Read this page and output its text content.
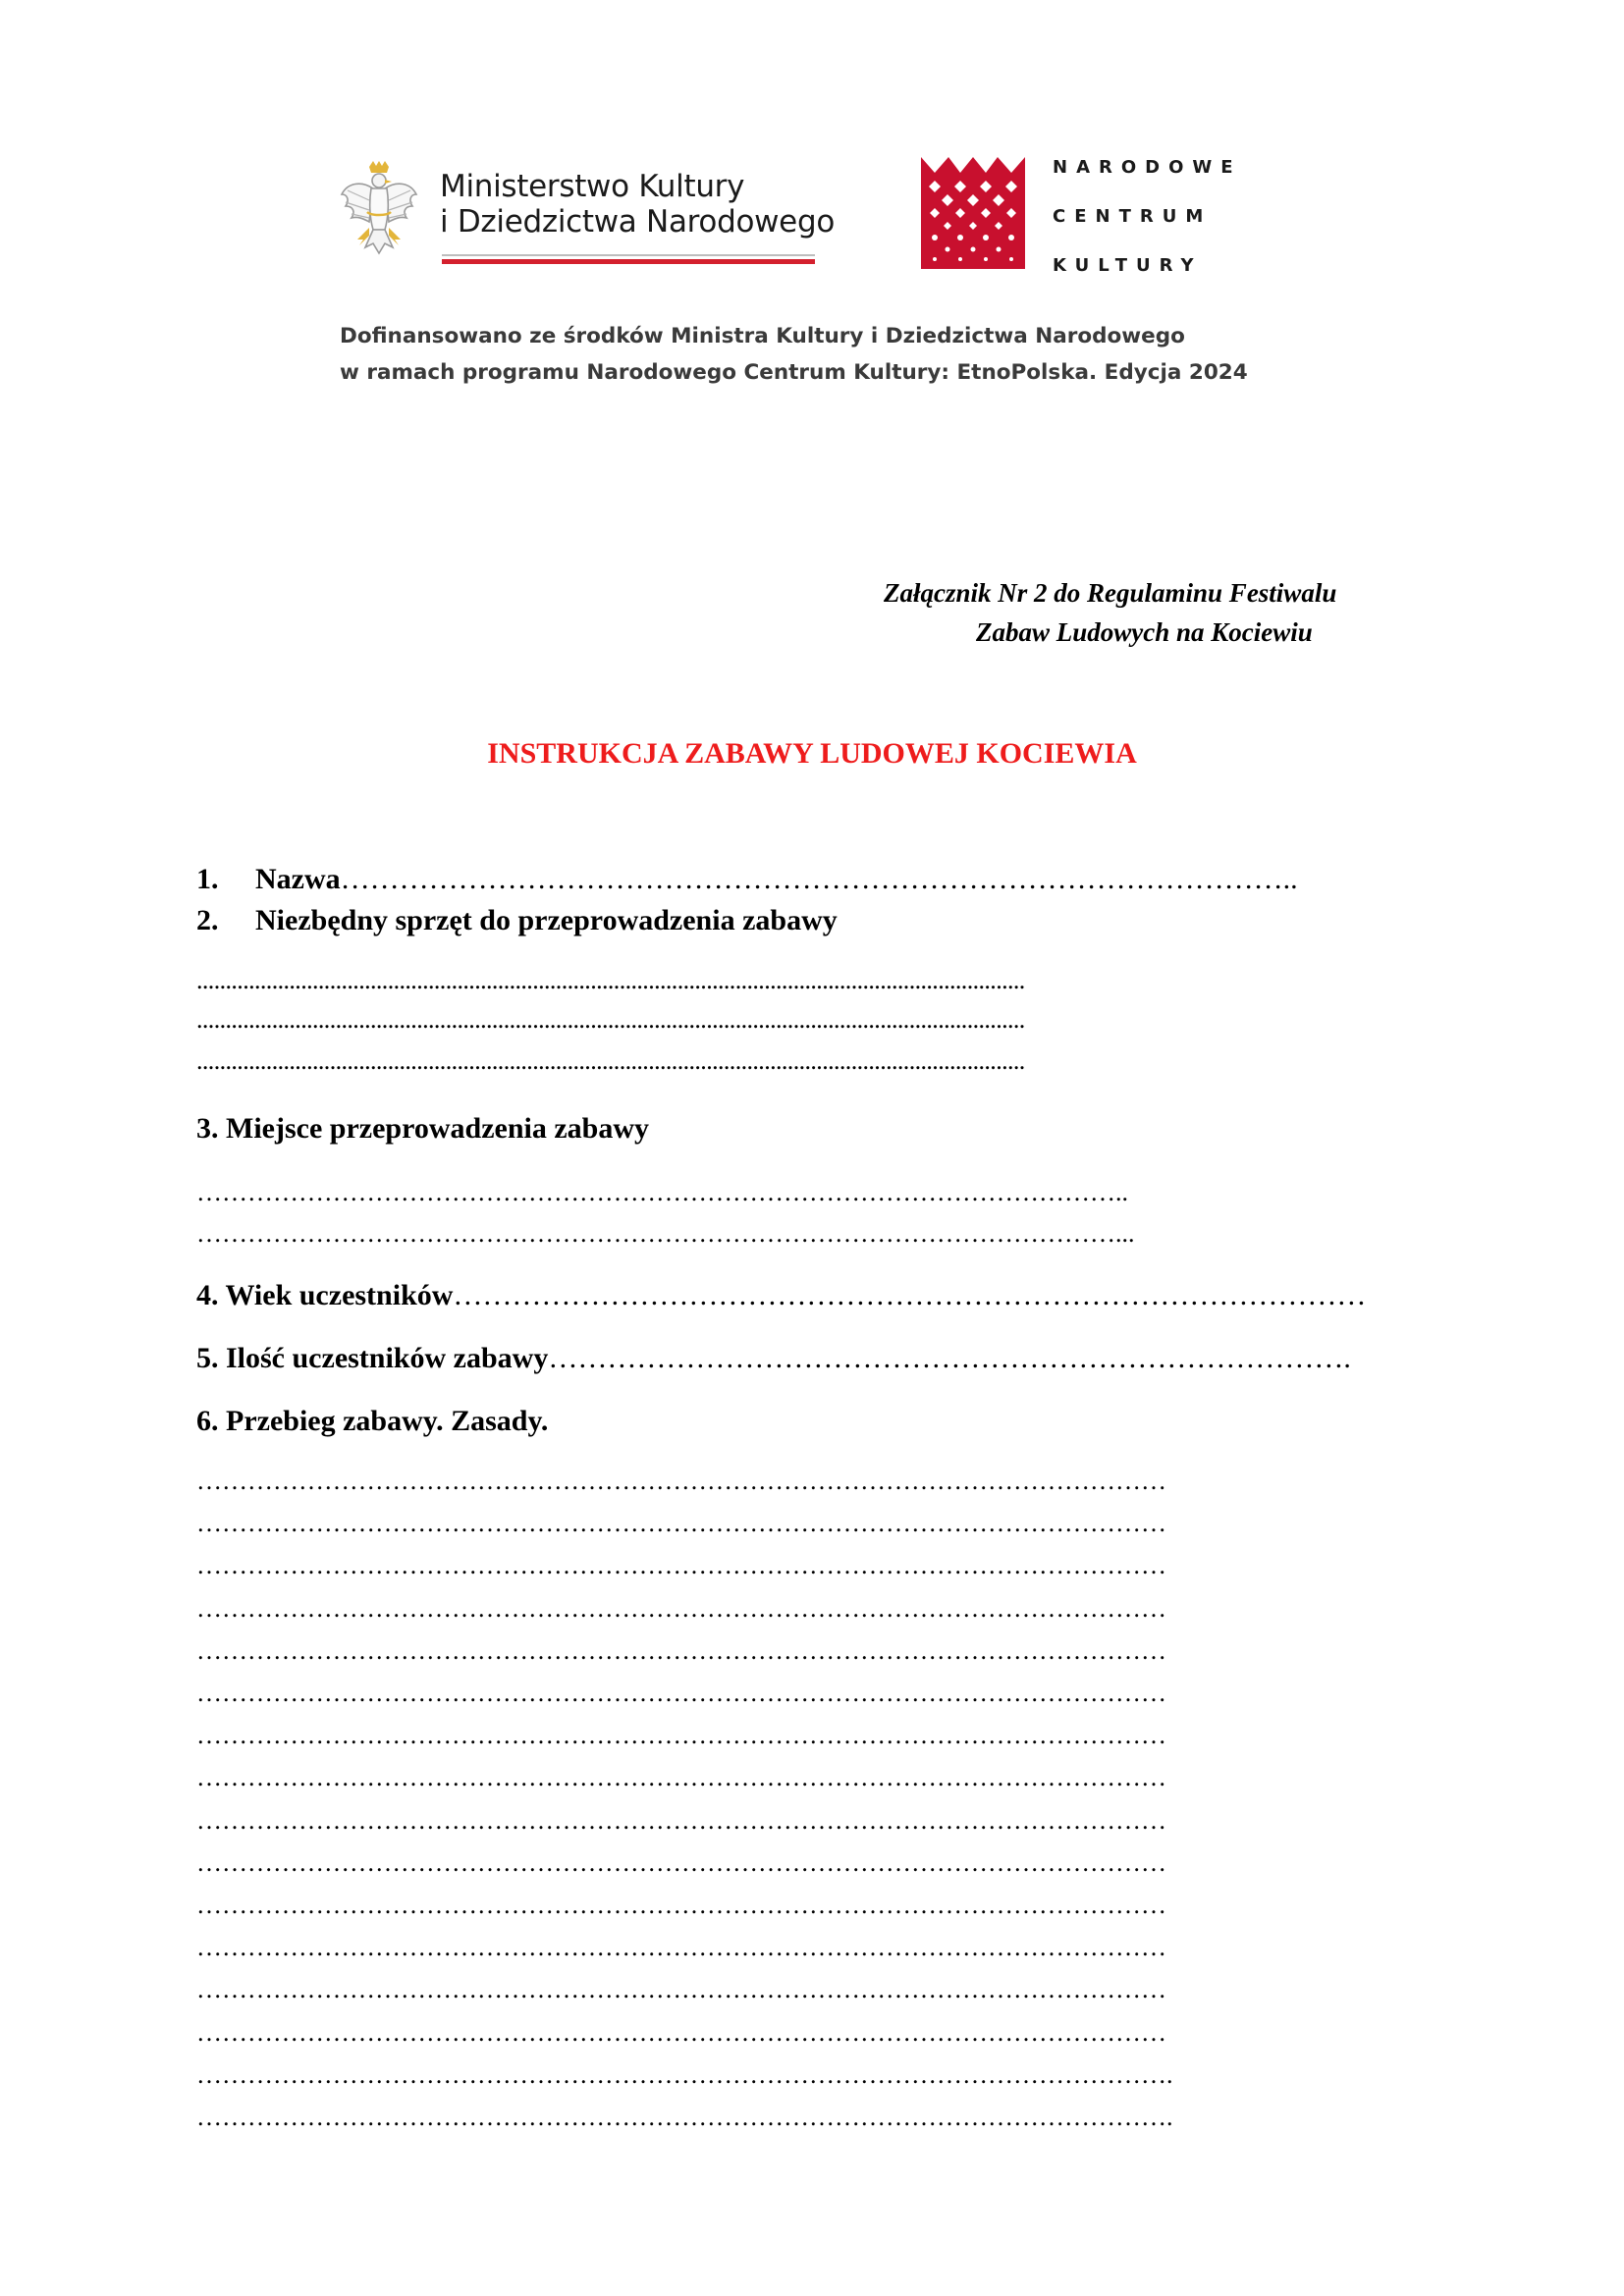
Ministerstwo Kultury
i Dziedzictwa Narodowego
NARODOWE
CENTRUM
KULTURY
Dofinansowano ze środków Ministra Kultury i Dziedzictwa Narodowego
w ramach programu Narodowego Centrum Kultury: EtnoPolska. Edycja 2024
Załącznik Nr 2 do Regulaminu Festiwalu
Zabaw Ludowych na Kociewiu
INSTRUKCJA ZABAWY LUDOWEJ KOCIEWIA
1. Nazwa……………………………………………………………………………………..
2. Niezbędny sprzęt do przeprowadzenia zabawy
...............................................................................................................................................
...............................................................................................................................................
...............................................................................................................................................
3. Miejsce przeprowadzenia zabawy
………………………………………………………………………………………………..
………………………………………………………………………………………………...
4. Wiek uczestników…………………………………………………………………………………
5. Ilość uczestników zabawy……………………………………………………………………….
6. Przebieg zabawy. Zasady.
……………………………………………………………………………………………………
……………………………………………………………………………………………………
……………………………………………………………………………………………………
……………………………………………………………………………………………………
……………………………………………………………………………………………………
……………………………………………………………………………………………………
……………………………………………………………………………………………………
……………………………………………………………………………………………………
……………………………………………………………………………………………………
……………………………………………………………………………………………………
……………………………………………………………………………………………………
……………………………………………………………………………………………………
……………………………………………………………………………………………………
……………………………………………………………………………………………………
…………………………………………………………………………………………………….
…………………………………………………………………………………………………….
